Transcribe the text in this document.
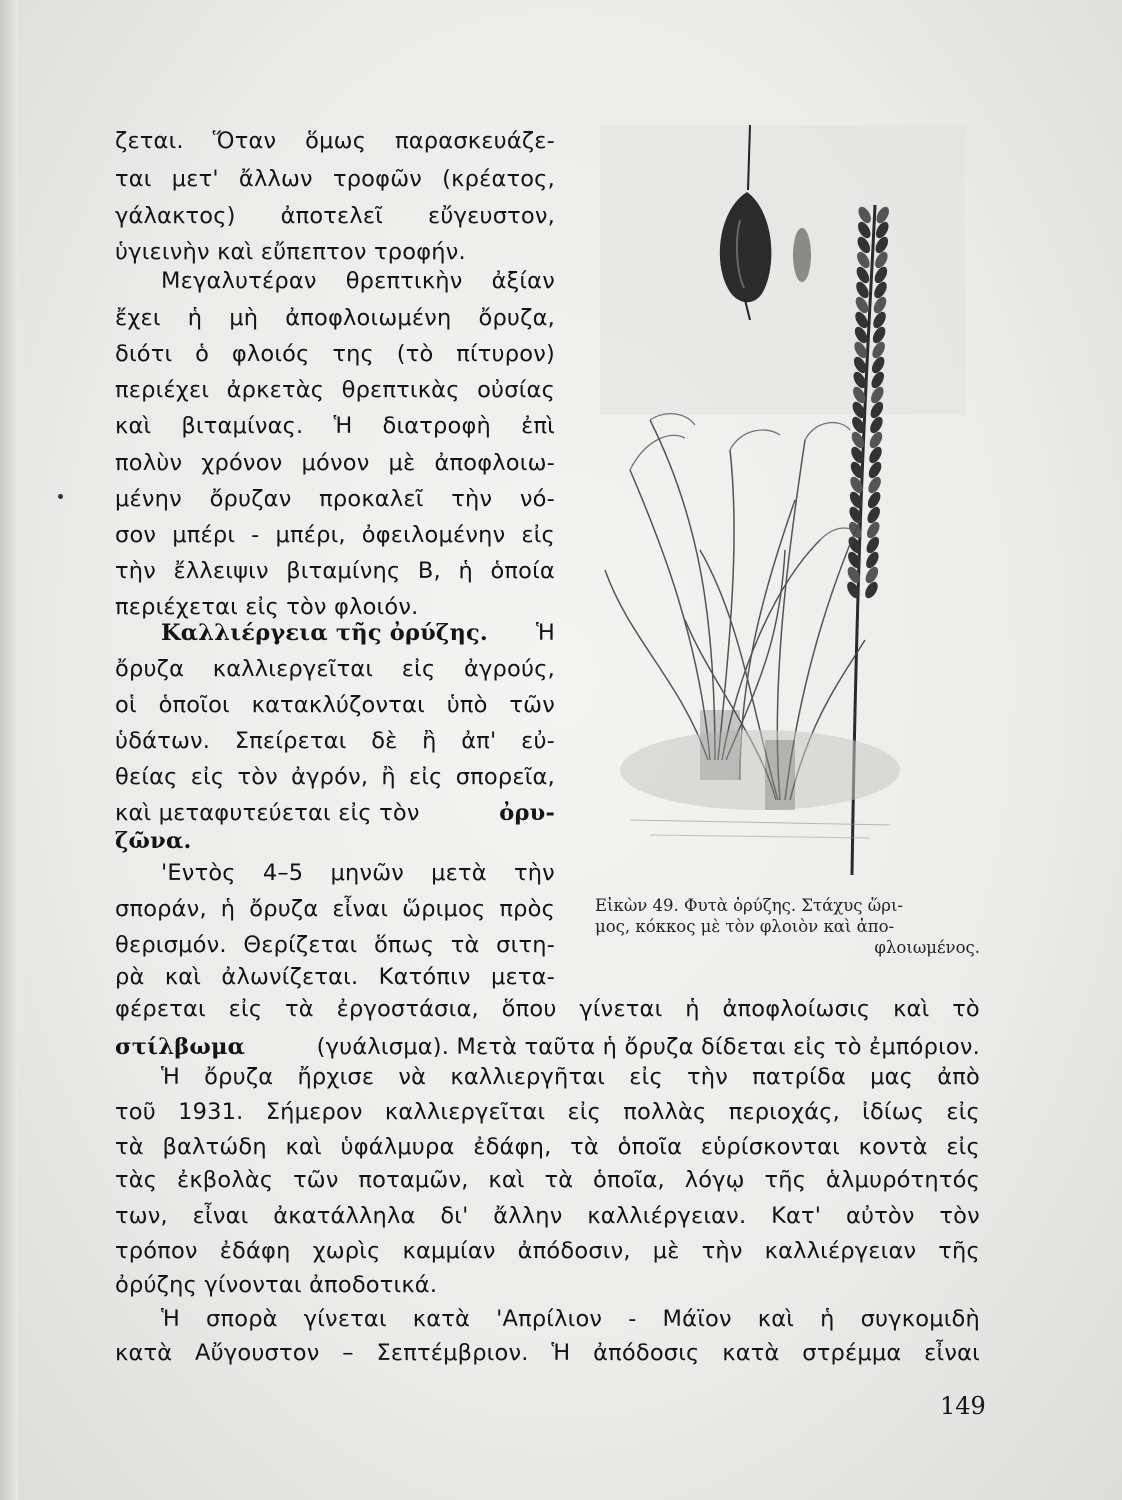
ζεται. Ὅταν ὅμως παρασκευάζε-
ται μετ' ἄλλων τροφῶν (κρέατος,
γάλακτος) ἀποτελεῖ εὔγευστον,
ὑγιεινὴν καὶ εὔπεπτον τροφήν.
Μεγαλυτέραν θρεπτικὴν ἀξίαν
ἔχει ἡ μὴ ἀποφλοιωμένη ὄρυζα,
διότι ὁ φλοιός της (τὸ πίτυρον)
περιέχει ἀρκετὰς θρεπτικὰς οὐσίας
καὶ βιταμίνας. Ἡ διατροφὴ ἐπὶ
πολὺν χρόνον μόνον μὲ ἀποφλοιω-
μένην ὄρυζαν προκαλεῖ τὴν νό-
σον μπέρι - μπέρι, ὀφειλομένην εἰς
τὴν ἔλλειψιν βιταμίνης Β, ἡ ὁποία
περιέχεται εἰς τὸν φλοιόν.
Καλλιέργεια τῆς ὀρύζης. Ἡ
ὄρυζα καλλιεργεῖται εἰς ἀγρούς,
οἱ ὁποῖοι κατακλύζονται ὑπὸ τῶν
ὑδάτων. Σπείρεται δὲ ἢ ἀπ' εὐ-
θείας εἰς τὸν ἀγρόν, ἢ εἰς σπορεῖα,
καὶ μεταφυτεύεται εἰς τὸν	ὀρυ-
ζῶνα.
'Εντὸς 4–5 μηνῶν μετὰ τὴν
σποράν, ἡ ὄρυζα εἶναι ὥριμος πρὸς
θερισμόν. Θερίζεται ὅπως τὰ σιτη-
ρὰ καὶ ἀλωνίζεται. Κατόπιν μετα-
φέρεται εἰς τὰ ἐργοστάσια, ὅπου γίνεται ἡ ἀποφλοίωσις καὶ τὸ
στίλβωμα	(γυάλισμα). Μετὰ ταῦτα ἡ ὄρυζα δίδεται εἰς τὸ ἐμπόριον.
Ἡ ὄρυζα ἤρχισε νὰ καλλιεργῆται εἰς τὴν πατρίδα μας ἀπὸ
τοῦ 1931. Σήμερον καλλιεργεῖται εἰς πολλὰς περιοχάς, ἰδίως εἰς
τὰ βαλτώδη καὶ ὑφάλμυρα ἐδάφη, τὰ ὁποῖα εὑρίσκονται κοντὰ εἰς
τὰς ἐκβολὰς τῶν ποταμῶν, καὶ τὰ ὁποῖα, λόγῳ τῆς ἁλμυρότητός
των, εἶναι ἀκατάλληλα δι' ἄλλην καλλιέργειαν. Κατ' αὐτὸν τὸν
τρόπον ἐδάφη χωρὶς καμμίαν ἀπόδοσιν, μὲ τὴν καλλιέργειαν τῆς
ὀρύζης γίνονται ἀποδοτικά.
Ἡ σπορὰ γίνεται κατὰ 'Απρίλιον - Μάϊον καὶ ἡ συγκομιδὴ
κατὰ Αὔγουστον – Σεπτέμβριον. Ἡ ἀπόδοσις κατὰ στρέμμα εἶναι
Εἰκὼν 49. Φυτὰ ὀρύζης. Στάχυς ὥρι-
μος, κόκκος μὲ τὸν φλοιὸν καὶ ἀπο-
φλοιωμένος.
149
